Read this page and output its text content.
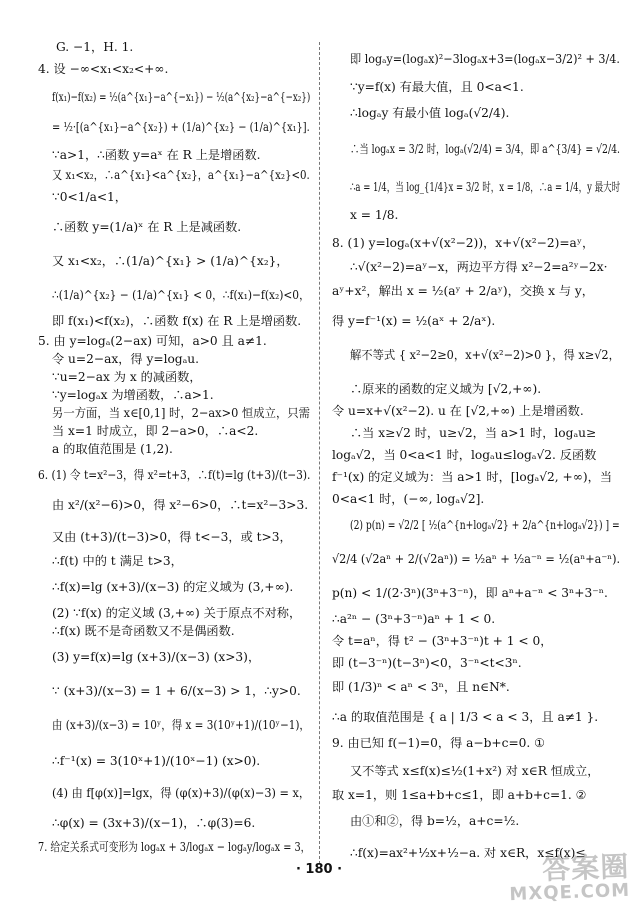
G. −1，H. 1.
4. 设 −∞<x₁<x₂<+∞.
f(x₁)−f(x₂) = ½(a^{x₁}−a^{−x₁}) − ½(a^{x₂}−a^{−x₂})
= ½·[(a^{x₁}−a^{x₂}) + (1/a)^{x₂} − (1/a)^{x₁}].
∵a>1，∴函数 y=aˣ 在 R 上是增函数.
又 x₁<x₂，∴a^{x₁}<a^{x₂}，a^{x₁}−a^{x₂}<0.
∵0<1/a<1，
∴函数 y=(1/a)ˣ 在 R 上是减函数.
又 x₁<x₂，∴(1/a)^{x₁} > (1/a)^{x₂}，
∴(1/a)^{x₂} − (1/a)^{x₁} < 0，∴f(x₁)−f(x₂)<0，
即 f(x₁)<f(x₂)，∴函数 f(x) 在 R 上是增函数.
5. 由 y=logₐ(2−ax) 可知，a>0 且 a≠1.
令 u=2−ax，得 y=logₐu.
∵u=2−ax 为 x 的减函数，
∵y=logₐx 为增函数，∴a>1.
另一方面，当 x∈[0,1] 时，2−ax>0 恒成立，只需
当 x=1 时成立，即 2−a>0，∴a<2.
a 的取值范围是 (1,2).
6. (1) 令 t=x²−3，得 x²=t+3，∴f(t)=lg (t+3)/(t−3).
由 x²/(x²−6)>0，得 x²−6>0，∴t=x²−3>3.
又由 (t+3)/(t−3)>0，得 t<−3，或 t>3，
∴f(t) 中的 t 满足 t>3，
∴f(x)=lg (x+3)/(x−3) 的定义域为 (3,+∞).
(2) ∵f(x) 的定义域 (3,+∞) 关于原点不对称，
∴f(x) 既不是奇函数又不是偶函数.
(3) y=f(x)=lg (x+3)/(x−3) (x>3)，
∵ (x+3)/(x−3) = 1 + 6/(x−3) > 1，∴y>0.
由 (x+3)/(x−3) = 10ʸ，得 x = 3(10ʸ+1)/(10ʸ−1)，
∴f⁻¹(x) = 3(10ˣ+1)/(10ˣ−1) (x>0).
(4) 由 f[φ(x)]=lgx，得 (φ(x)+3)/(φ(x)−3) = x，
∴φ(x) = (3x+3)/(x−1)，∴φ(3)=6.
7. 给定关系式可变形为 logₐx + 3/logₐx − logₐy/logₐx = 3，
即 logₐy=(logₐx)²−3logₐx+3=(logₐx−3/2)² + 3/4.
∵y=f(x) 有最大值，且 0<a<1.
∴logₐy 有最小值 logₐ(√2/4).
∴当 logₐx = 3/2 时，logₐ(√2/4) = 3/4，即 a^{3/4} = √2/4.
∴a = 1/4，当 log_{1/4}x = 3/2 时，x = 1/8，∴a = 1/4，y 最大时
x = 1/8.
8. (1) y=logₐ(x+√(x²−2))，x+√(x²−2)=aʸ，
∴√(x²−2)=aʸ−x，两边平方得 x²−2=a²ʸ−2x·
aʸ+x²，解出 x = ½(aʸ + 2/aʸ)，交换 x 与 y，
得 y=f⁻¹(x) = ½(aˣ + 2/aˣ).
解不等式 { x²−2≥0，x+√(x²−2)>0 }，得 x≥√2，
∴原来的函数的定义域为 [√2,+∞).
令 u=x+√(x²−2). u 在 [√2,+∞) 上是增函数.
∴当 x≥√2 时，u≥√2，当 a>1 时，logₐu≥
logₐ√2，当 0<a<1 时，logₐu≤logₐ√2. 反函数
f⁻¹(x) 的定义域为：当 a>1 时，[logₐ√2, +∞)，当
0<a<1 时，(−∞, logₐ√2].
(2) p(n) = √2/2 [ ½(a^{n+logₐ√2} + 2/a^{n+logₐ√2}) ] =
√2/4 (√2aⁿ + 2/(√2aⁿ)) = ½aⁿ + ½a⁻ⁿ = ½(aⁿ+a⁻ⁿ).
p(n) < 1/(2·3ⁿ)(3ⁿ+3⁻ⁿ)，即 aⁿ+a⁻ⁿ < 3ⁿ+3⁻ⁿ.
∴a²ⁿ − (3ⁿ+3⁻ⁿ)aⁿ + 1 < 0.
令 t=aⁿ，得 t² − (3ⁿ+3⁻ⁿ)t + 1 < 0，
即 (t−3⁻ⁿ)(t−3ⁿ)<0，3⁻ⁿ<t<3ⁿ.
即 (1/3)ⁿ < aⁿ < 3ⁿ，且 n∈N*.
∴a 的取值范围是 { a | 1/3 < a < 3，且 a≠1 }.
9. 由已知 f(−1)=0，得 a−b+c=0. ①
又不等式 x≤f(x)≤½(1+x²) 对 x∈R 恒成立，
取 x=1，则 1≤a+b+c≤1，即 a+b+c=1. ②
由①和②，得 b=½，a+c=½.
∴f(x)=ax²+½x+½−a. 对 x∈R，x≤f(x)≤
· 180 ·	答案圈
MXQE.COM
